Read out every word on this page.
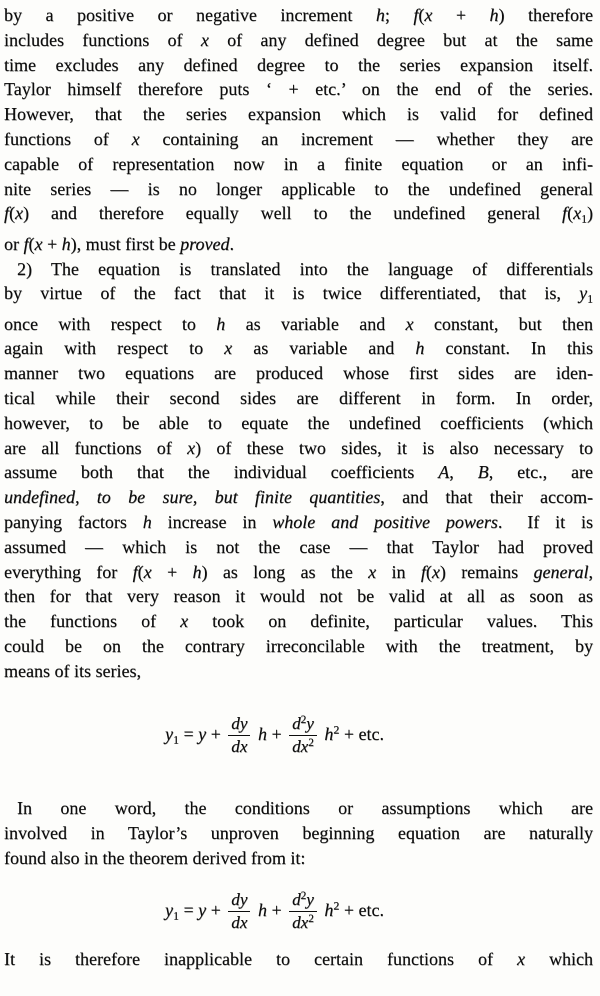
by a positive or negative increment h; f(x + h) therefore
includes functions of x of any defined degree but at the same
time excludes any defined degree to the series expansion itself.
Taylor himself therefore puts ‘ + etc.’ on the end of the series.
However, that the series expansion which is valid for defined
functions of x containing an increment — whether they are
capable of representation now in a finite equation  or an infi-
nite series — is no longer applicable to the undefined general
f(x) and therefore equally well to the undefined general $f(x_1)$
or f(x + h), must first be proved.
2) The equation is translated into the language of differentials
by virtue of the fact that it is twice differentiated, that is, $y_1$
once with respect to h as variable and x constant, but then
again with respect to x as variable and h constant. In this
manner two equations are produced whose first sides are iden-
tical while their second sides are different in form. In order,
however, to be able to equate the undefined coefficients (which
are all functions of x) of these two sides, it is also necessary to
assume both that the individual coefficients A, B, etc., are
undefined, to be sure, but finite quantities, and that their accom-
panying factors h increase in whole and positive powers.  If it is
assumed — which is not the case — that Taylor had proved
everything for f(x + h) as long as the x in f(x) remains general,
then for that very reason it would not be valid at all as soon as
the functions of x took on definite, particular values. This
could be on the contrary irreconcilable with the treatment, by
means of its series,
$y_1 = y + \frac{dy}{dx}$ $h + \frac{d^2y}{dx^2} h^2$ + etc.
In one word, the conditions or assumptions which are
involved in Taylor’s unproven beginning equation are naturally
found also in the theorem derived from it:
$y_1 = y + \frac{dy}{dx}$ $h + \frac{d^2y}{dx^2} h^2$ + etc.
It is therefore inapplicable to certain functions of x which
